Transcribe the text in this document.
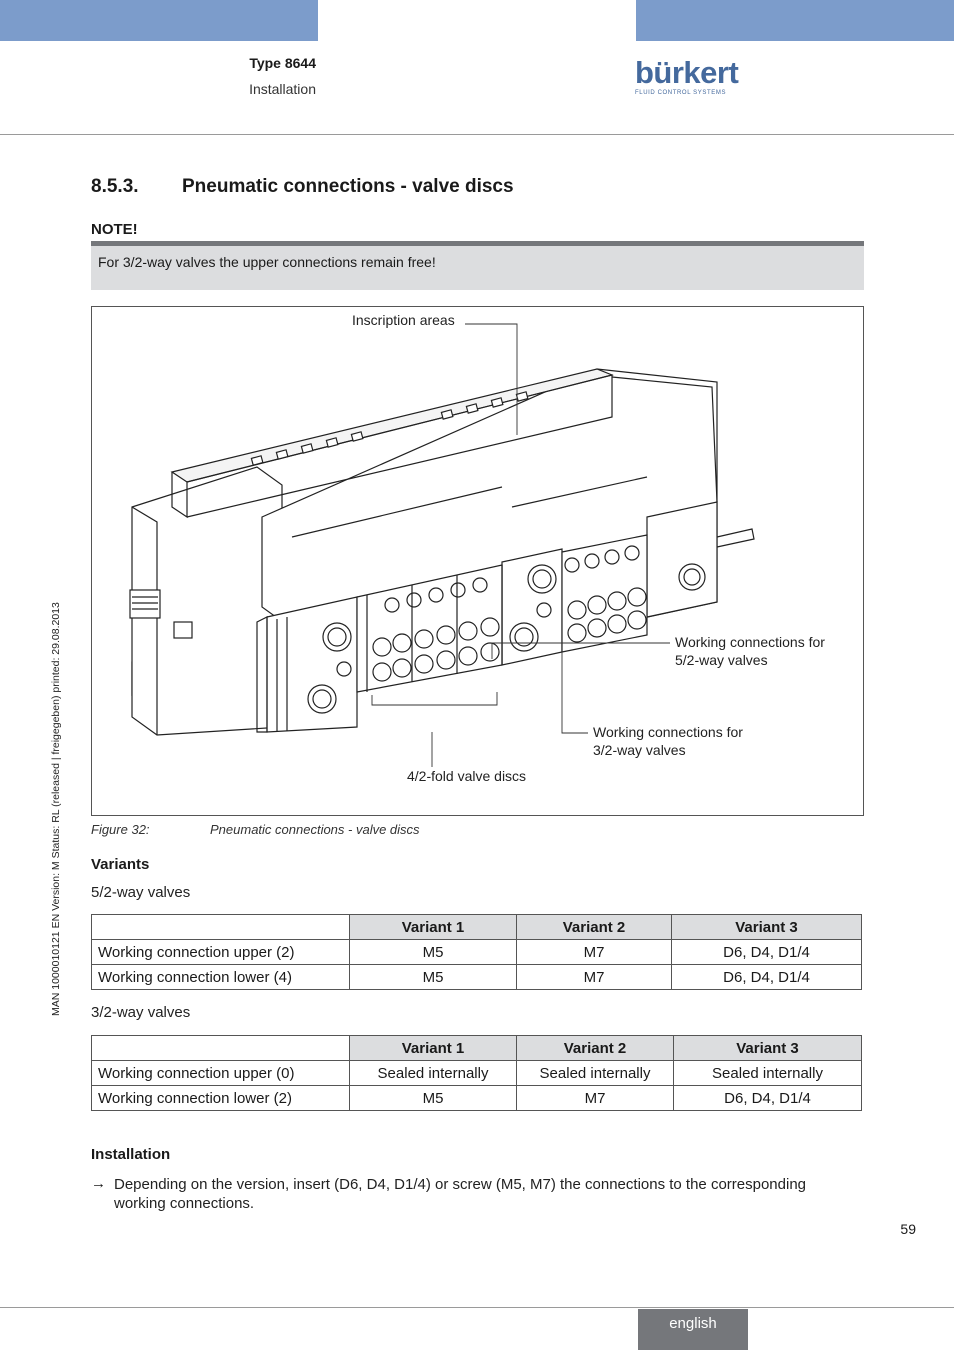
Type 8644
Installation	bürkert
FLUID CONTROL SYSTEMS
MAN 1000010121 EN Version: M Status: RL (released | freigegeben) printed: 29.08.2013
8.5.3. Pneumatic connections - valve discs
NOTE!
For 3/2-way valves the upper connections remain free!
Inscription areas
Working connections for
5/2-way valves
Working connections for
3/2-way valves
4/2-fold valve discs
Figure 32:	Pneumatic connections - valve discs
Variants
5/2-way valves
	Variant 1	Variant 2	Variant 3
Working connection upper (2)	M5	M7	D6, D4, D1/4
Working connection lower (4)	M5	M7	D6, D4, D1/4
3/2-way valves
	Variant 1	Variant 2	Variant 3
Working connection upper (0)	Sealed internally	Sealed internally	Sealed internally
Working connection lower (2)	M5	M7	D6, D4, D1/4
Installation
→ Depending on the version, insert (D6, D4, D1/4) or screw (M5, M7) the connections to the corresponding working connections.
59
english
